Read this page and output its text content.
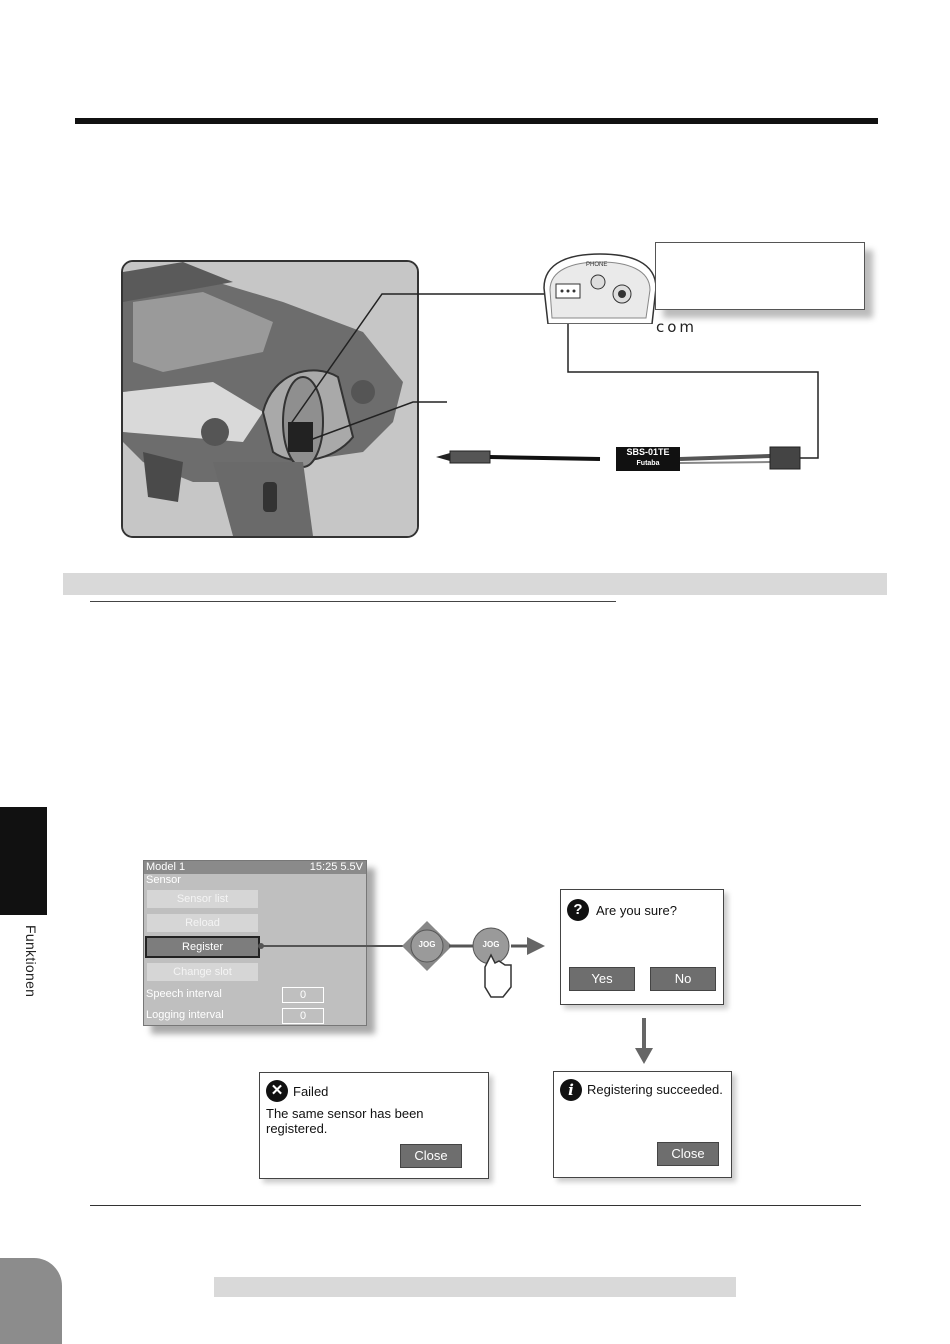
SBS-01TE
Futaba
PHONE
com
Funktionen
Model 1	15:25 5.5V
Sensor
Sensor list
Reload
Register
Change slot
Speech interval	0
Logging interval	0
JOG	JOG
?	Are you sure?
Yes	No
✕ Failed
The same sensor has been registered.
Close
i	Registering succeeded.
Close
